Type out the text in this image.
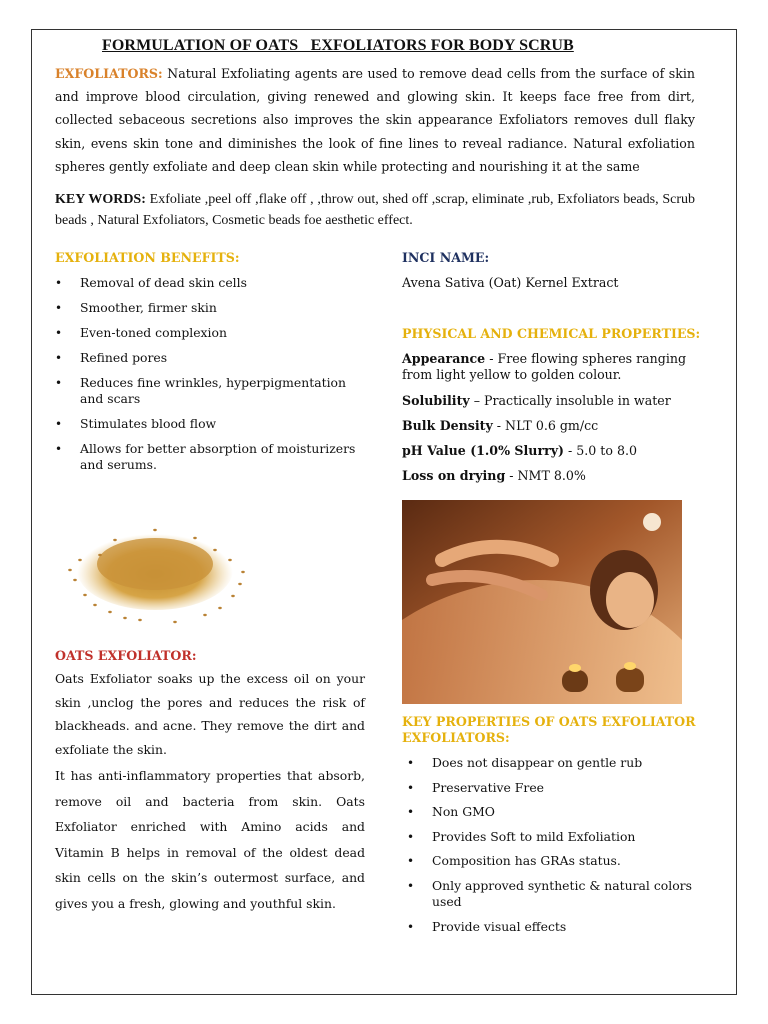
FORMULATION OF OATS   EXFOLIATORS FOR BODY SCRUB
EXFOLIATORS: Natural Exfoliating agents are used to remove dead cells from the surface of skin and improve blood circulation, giving renewed and glowing skin. It keeps face free from dirt, collected sebaceous secretions also improves the skin appearance Exfoliators removes dull flaky skin, evens skin tone and diminishes the look of fine lines to reveal radiance. Natural exfoliation spheres gently exfoliate and deep clean skin while protecting and nourishing it at the same
KEY WORDS: Exfoliate ,peel off ,flake off , ,throw out, shed off ,scrap, eliminate ,rub, Exfoliators beads, Scrub beads , Natural Exfoliators, Cosmetic beads foe aesthetic effect.
EXFOLIATION BENEFITS:
• Removal of dead skin cells
• Smoother, firmer skin
• Even-toned complexion
• Refined pores
• Reduces fine wrinkles, hyperpigmentation and scars
• Stimulates blood flow
• Allows for better absorption of moisturizers and serums.
OATS EXFOLIATOR:
Oats Exfoliator soaks up the excess oil on your skin ,unclog the pores and reduces the risk of blackheads. and acne. They remove the dirt and exfoliate the skin.
It has anti-inflammatory properties that absorb, remove oil and bacteria from skin. Oats Exfoliator enriched with Amino acids and Vitamin B helps in removal of the oldest dead skin cells on the skin’s outermost surface, and gives you a fresh, glowing and youthful skin.
INCI NAME:
Avena Sativa (Oat) Kernel Extract
PHYSICAL AND CHEMICAL PROPERTIES:
Appearance - Free flowing spheres ranging from light yellow to golden colour.
Solubility – Practically insoluble in water
Bulk Density - NLT 0.6 gm/cc
pH Value (1.0% Slurry) - 5.0 to 8.0
Loss on drying - NMT 8.0%
KEY PROPERTIES OF OATS EXFOLIATOR EXFOLIATORS:
• Does not disappear on gentle rub
• Preservative Free
• Non GMO
• Provides Soft to mild Exfoliation
• Composition has GRAs status.
• Only approved synthetic & natural colors used
• Provide visual effects
